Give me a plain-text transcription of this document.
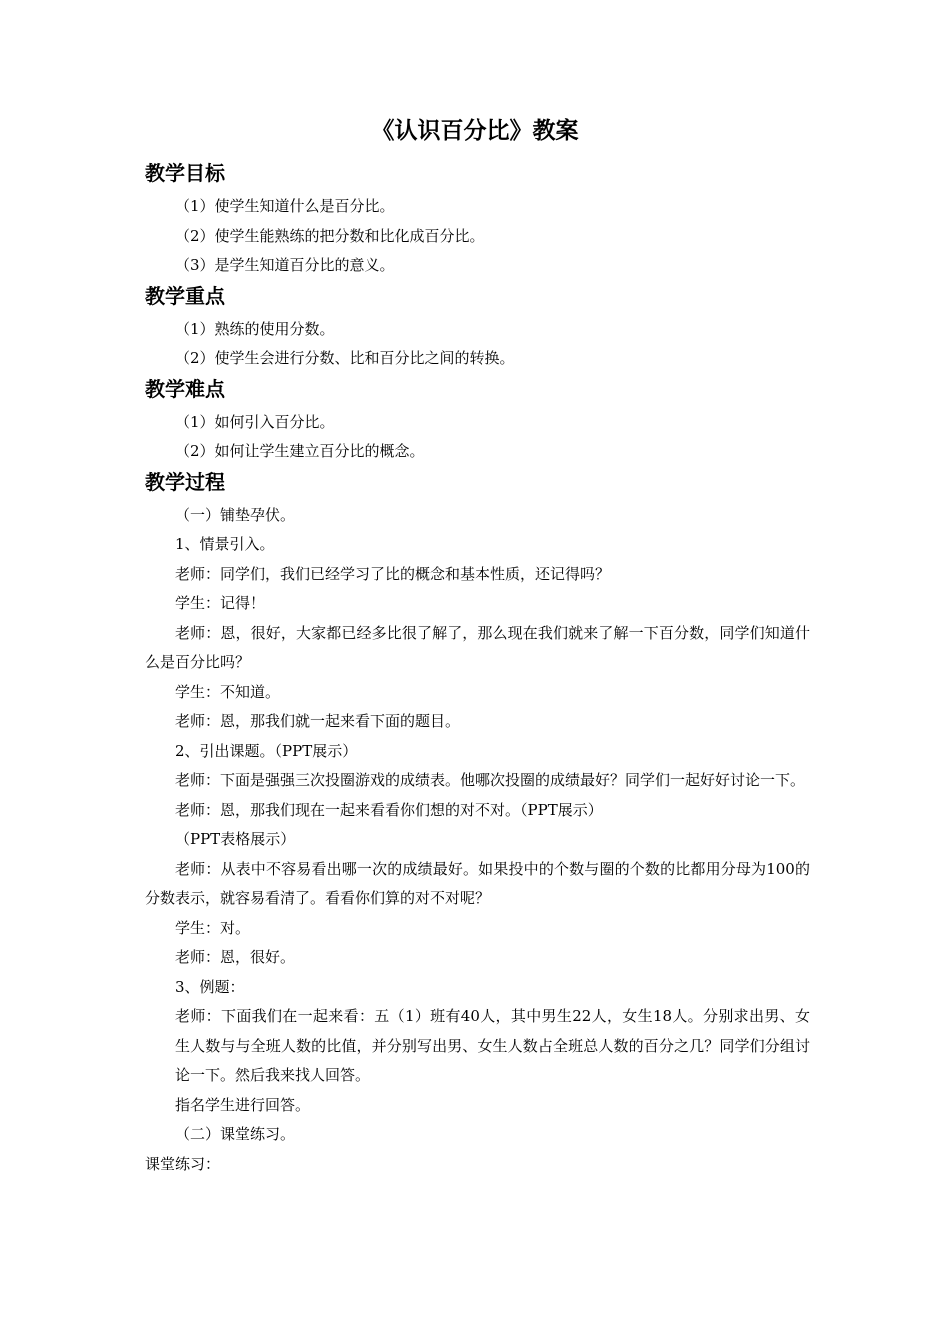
《认识百分比》教案
教学目标
（1）使学生知道什么是百分比。
（2）使学生能熟练的把分数和比化成百分比。
（3）是学生知道百分比的意义。
教学重点
（1）熟练的使用分数。
（2）使学生会进行分数、比和百分比之间的转换。
教学难点
（1）如何引入百分比。
（2）如何让学生建立百分比的概念。
教学过程
（一）铺垫孕伏。
1、情景引入。
老师：同学们，我们已经学习了比的概念和基本性质，还记得吗？
学生：记得！
老师：恩，很好，大家都已经多比很了解了，那么现在我们就来了解一下百分数，同学们知道什么是百分比吗？
学生：不知道。
老师：恩，那我们就一起来看下面的题目。
2、引出课题。（PPT展示）
老师：下面是强强三次投圈游戏的成绩表。他哪次投圈的成绩最好？同学们一起好好讨论一下。
老师：恩，那我们现在一起来看看你们想的对不对。（PPT展示）
（PPT表格展示）
老师：从表中不容易看出哪一次的成绩最好。如果投中的个数与圈的个数的比都用分母为100的分数表示，就容易看清了。看看你们算的对不对呢？
学生：对。
老师：恩，很好。
3、例题：
老师：下面我们在一起来看：五（1）班有40人，其中男生22人，女生18人。分别求出男、女生人数与与全班人数的比值，并分别写出男、女生人数占全班总人数的百分之几？同学们分组讨论一下。然后我来找人回答。
指名学生进行回答。
（二）课堂练习。
课堂练习：
